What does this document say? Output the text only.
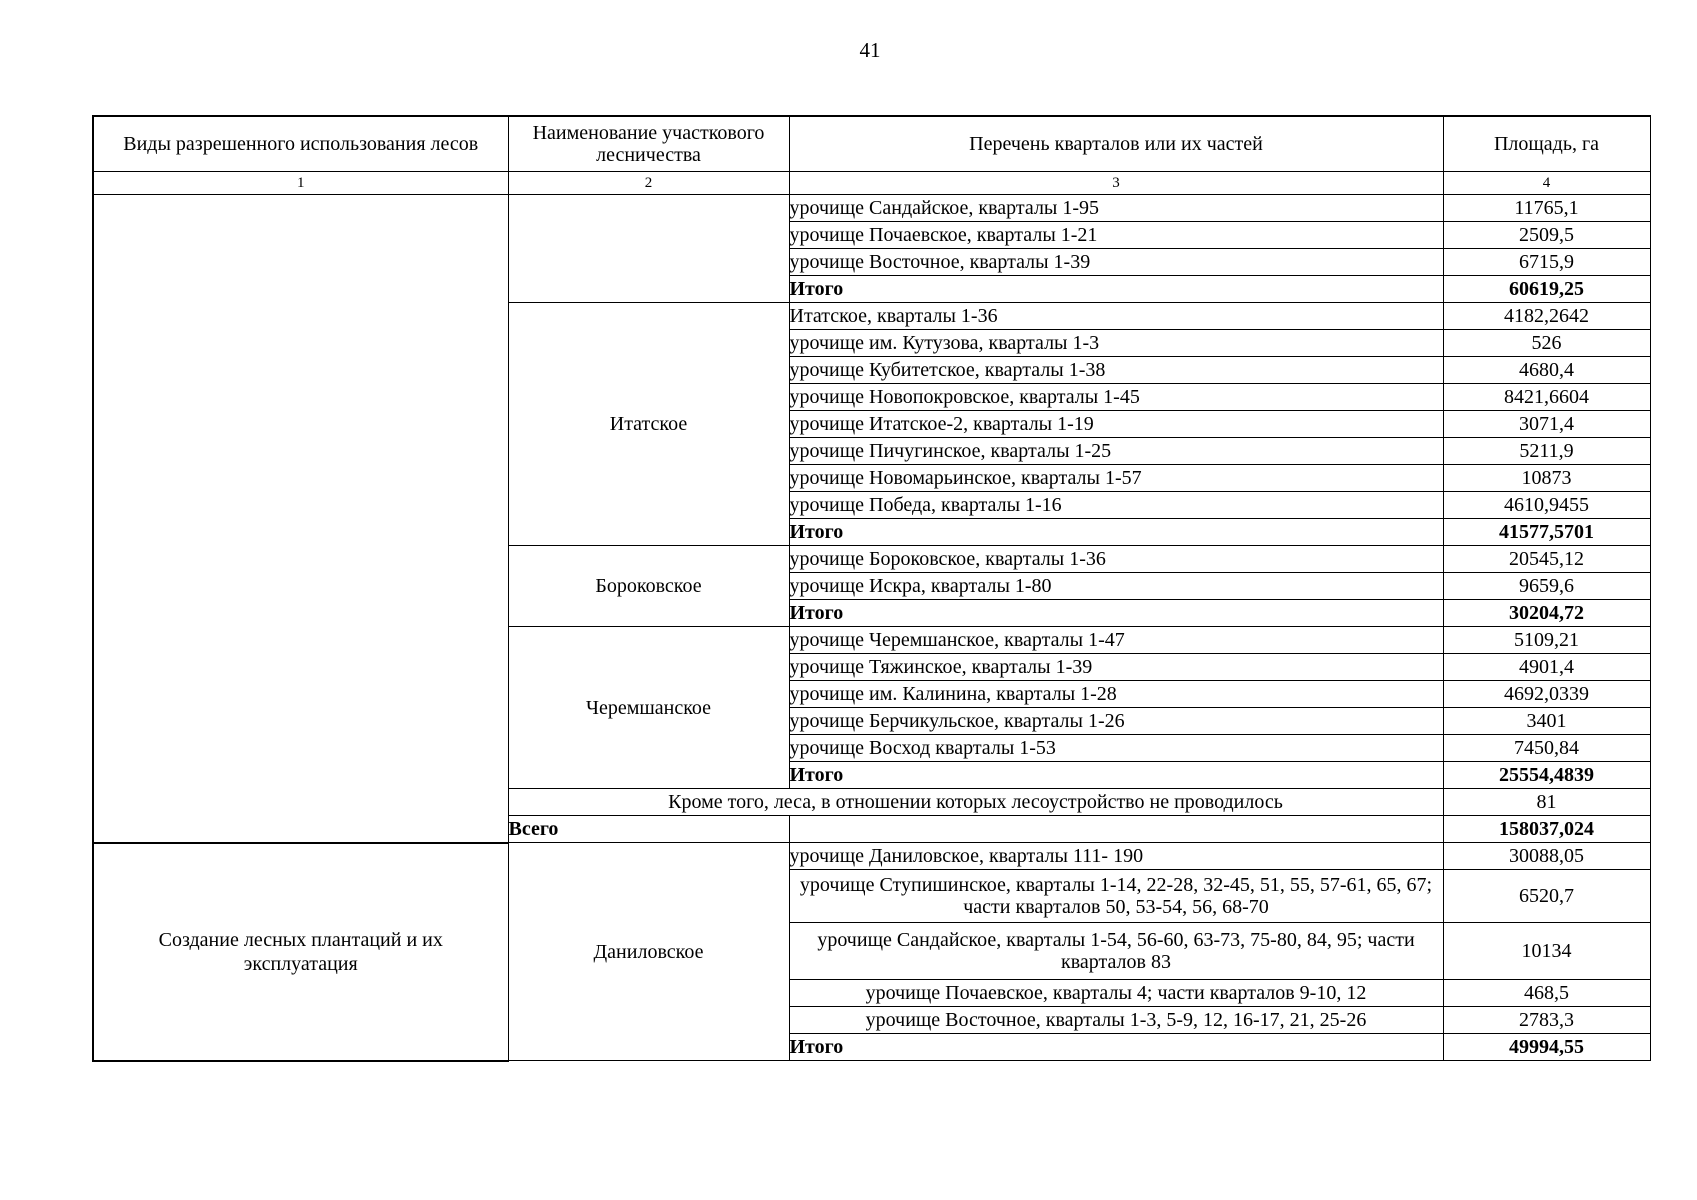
41
Виды разрешенного использования лесов	Наименование участкового лесничества	Перечень кварталов или их частей	Площадь, га
1	2	3	4
		урочище Сандайское, кварталы 1-95	11765,1
		урочище Почаевское, кварталы 1-21	2509,5
		урочище Восточное, кварталы 1-39	6715,9
		Итого	60619,25
	Итатское	Итатское, кварталы 1-36	4182,2642
		урочище им. Кутузова, кварталы 1-3	526
		урочище Кубитетское, кварталы 1-38	4680,4
		урочище Новопокровское, кварталы 1-45	8421,6604
		урочище Итатское-2, кварталы 1-19	3071,4
		урочище Пичугинское, кварталы 1-25	5211,9
		урочище Новомарьинское, кварталы 1-57	10873
		урочище Победа, кварталы 1-16	4610,9455
		Итого	41577,5701
	Бороковское	урочище Бороковское, кварталы 1-36	20545,12
		урочище Искра, кварталы 1-80	9659,6
		Итого	30204,72
	Черемшанское	урочище Черемшанское, кварталы 1-47	5109,21
		урочище Тяжинское, кварталы 1-39	4901,4
		урочище им. Калинина, кварталы 1-28	4692,0339
		урочище Берчикульское, кварталы 1-26	3401
		урочище Восход кварталы 1-53	7450,84
		Итого	25554,4839
	Кроме того, леса, в отношении которых лесоустройство не проводилось		81
	Всего		158037,024
Создание лесных плантаций и их эксплуатация	Даниловское	урочище Даниловское, кварталы 111- 190	30088,05
		урочище Ступишинское, кварталы 1-14, 22-28, 32-45, 51, 55, 57-61, 65, 67; части кварталов 50, 53-54, 56, 68-70	6520,7
		урочище Сандайское, кварталы 1-54, 56-60, 63-73, 75-80, 84, 95; части кварталов 83	10134
		урочище Почаевское, кварталы 4; части кварталов 9-10, 12	468,5
		урочище Восточное, кварталы 1-3, 5-9, 12, 16-17, 21, 25-26	2783,3
		Итого	49994,55
